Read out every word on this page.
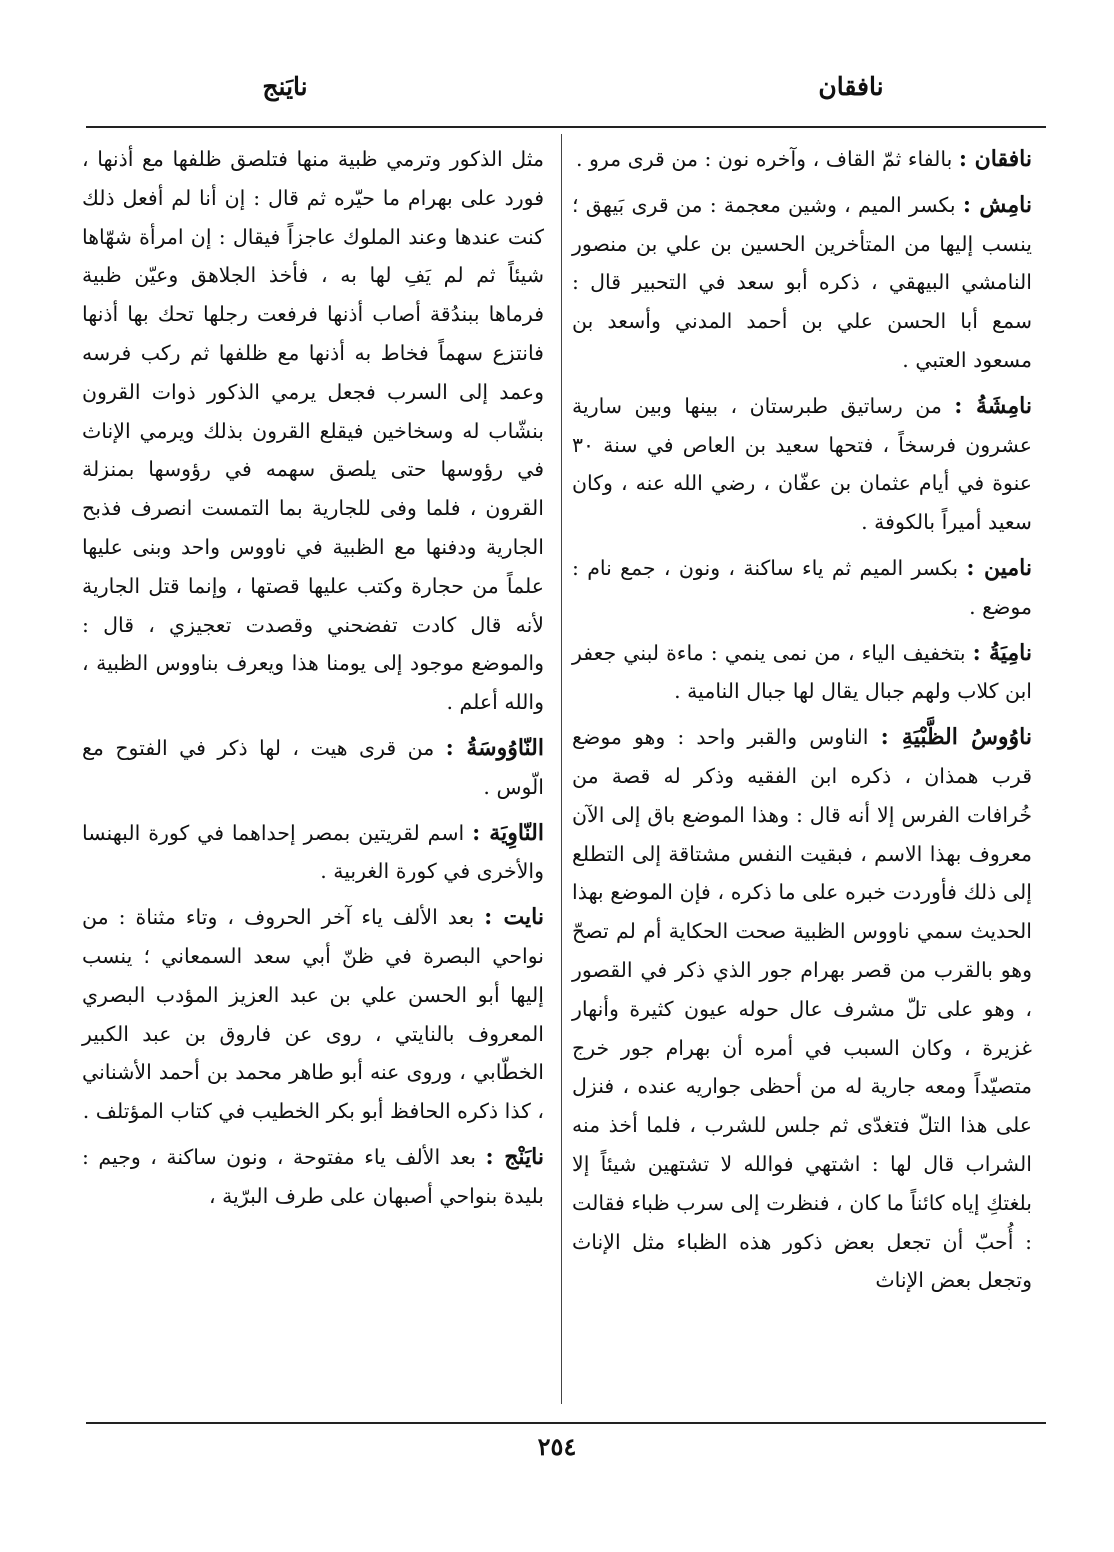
نافقان
نايَنج

نافقان : بالفاء ثمّ القاف ، وآخره نون : من قرى مرو .

نامِش : بكسر الميم ، وشين معجمة : من قرى بَيهق ؛ ينسب إليها من المتأخرين الحسين بن علي بن منصور النامشي البيهقي ، ذكره أبو سعد في التحبير قال : سمع أبا الحسن علي بن أحمد المدني وأسعد بن مسعود العتبي .

نامِشَةُ : من رساتيق طبرستان ، بينها وبين سارية عشرون فرسخاً ، فتحها سعيد بن العاص في سنة ٣٠ عنوة في أيام عثمان بن عفّان ، رضي الله عنه ، وكان سعيد أميراً بالكوفة .

نامين : بكسر الميم ثم ياء ساكنة ، ونون ، جمع نام : موضع .

نامِيَةُ : بتخفيف الياء ، من نمى ينمي : ماءة لبني جعفر ابن كلاب ولهم جبال يقال لها جبال النامية .

ناوُوسُ الظَّبْيَةِ : الناوس والقبر واحد : وهو موضع قرب همذان ، ذكره ابن الفقيه وذكر له قصة من خُرافات الفرس إلا أنه قال : وهذا الموضع باق إلى الآن معروف بهذا الاسم ، فبقيت النفس مشتاقة إلى التطلع إلى ذلك فأوردت خبره على ما ذكره ، فإن الموضع بهذا الحديث سمي ناووس الظبية صحت الحكاية أم لم تصحّ وهو بالقرب من قصر بهرام جور الذي ذكر في القصور ، وهو على تلّ مشرف عال حوله عيون كثيرة وأنهار غزيرة ، وكان السبب في أمره أن بهرام جور خرج متصيّداً ومعه جارية له من أحظى جواريه عنده ، فنزل على هذا التلّ فتغدّى ثم جلس للشرب ، فلما أخذ منه الشراب قال لها : اشتهي فوالله لا تشتهين شيئاً إلا بلغتكِ إياه كائناً ما كان ، فنظرت إلى سرب ظباء فقالت : أُحبّ أن تجعل بعض ذكور هذه الظباء مثل الإناث وتجعل بعض الإناث

مثل الذكور وترمي ظبية منها فتلصق ظلفها مع أذنها ، فورد على بهرام ما حيّره ثم قال : إن أنا لم أفعل ذلك كنت عندها وعند الملوك عاجزاً فيقال : إن امرأة شهّاها شيئاً ثم لم يَفِ لها به ، فأخذ الجلاهق وعيّن ظبية فرماها ببندُقة أصاب أذنها فرفعت رجلها تحك بها أذنها فانتزع سهماً فخاط به أذنها مع ظلفها ثم ركب فرسه وعمد إلى السرب فجعل يرمي الذكور ذوات القرون بنشّاب له وسخاخين فيقلع القرون بذلك ويرمي الإناث في رؤوسها حتى يلصق سهمه في رؤوسها بمنزلة القرون ، فلما وفى للجارية بما التمست انصرف فذبح الجارية ودفنها مع الظبية في ناووس واحد وبنى عليها علماً من حجارة وكتب عليها قصتها ، وإنما قتل الجارية لأنه قال كادت تفضحني وقصدت تعجيزي ، قال : والموضع موجود إلى يومنا هذا ويعرف بناووس الظبية ، والله أعلم .

النّاوُوسَةُ : من قرى هيت ، لها ذكر في الفتوح مع الّوس .

النّاوِيَة : اسم لقريتين بمصر إحداهما في كورة البهنسا والأخرى في كورة الغربية .

نايت : بعد الألف ياء آخر الحروف ، وتاء مثناة : من نواحي البصرة في ظنّ أبي سعد السمعاني ؛ ينسب إليها أبو الحسن علي بن عبد العزيز المؤدب البصري المعروف بالنايتي ، روى عن فاروق بن عبد الكبير الخطّابي ، وروى عنه أبو طاهر محمد بن أحمد الأشناني ، كذا ذكره الحافظ أبو بكر الخطيب في كتاب المؤتلف .

نايَنْج : بعد الألف ياء مفتوحة ، ونون ساكنة ، وجيم : بليدة بنواحي أصبهان على طرف البرّية ،

٢٥٤
